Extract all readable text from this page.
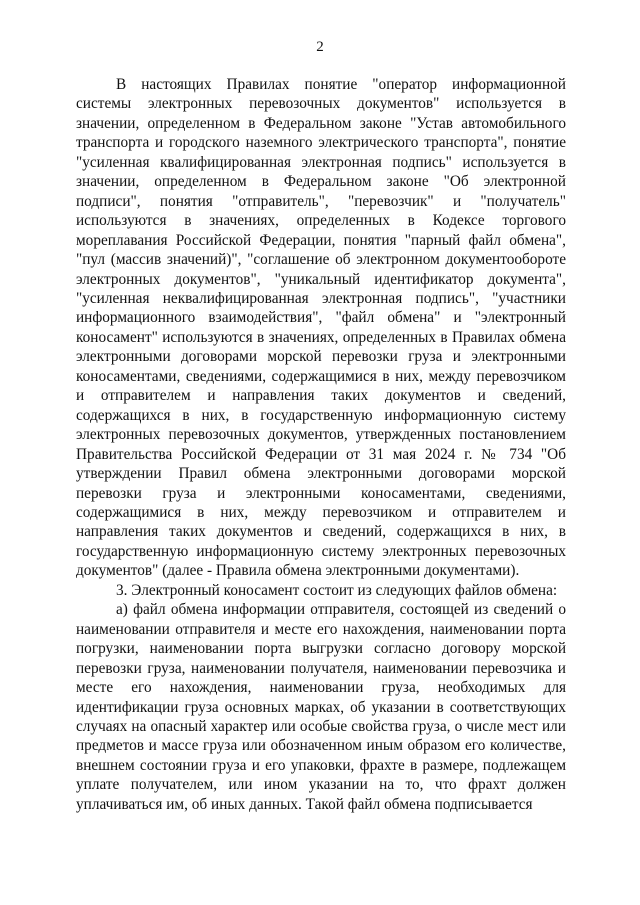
2

В настоящих Правилах понятие "оператор информационной системы электронных перевозочных документов" используется в значении, определенном в Федеральном законе "Устав автомобильного транспорта и городского наземного электрического транспорта", понятие "усиленная квалифицированная электронная подпись" используется в значении, определенном в Федеральном законе "Об электронной подписи", понятия "отправитель", "перевозчик" и "получатель" используются в значениях, определенных в Кодексе торгового мореплавания Российской Федерации, понятия "парный файл обмена", "пул (массив значений)", "соглашение об электронном документообороте электронных документов", "уникальный идентификатор документа", "усиленная неквалифицированная электронная подпись", "участники информационного взаимодействия", "файл обмена" и "электронный коносамент" используются в значениях, определенных в Правилах обмена электронными договорами морской перевозки груза и электронными коносаментами, сведениями, содержащимися в них, между перевозчиком и отправителем и направления таких документов и сведений, содержащихся в них, в государственную информационную систему электронных перевозочных документов, утвержденных постановлением Правительства Российской Федерации от 31 мая 2024 г. № 734 "Об утверждении Правил обмена электронными договорами морской перевозки груза и электронными коносаментами, сведениями, содержащимися в них, между перевозчиком и отправителем и направления таких документов и сведений, содержащихся в них, в государственную информационную систему электронных перевозочных документов" (далее - Правила обмена электронными документами).

3. Электронный коносамент состоит из следующих файлов обмена:

а) файл обмена информации отправителя, состоящей из сведений о наименовании отправителя и месте его нахождения, наименовании порта погрузки, наименовании порта выгрузки согласно договору морской перевозки груза, наименовании получателя, наименовании перевозчика и месте его нахождения, наименовании груза, необходимых для идентификации груза основных марках, об указании в соответствующих случаях на опасный характер или особые свойства груза, о числе мест или предметов и массе груза или обозначенном иным образом его количестве, внешнем состоянии груза и его упаковки, фрахте в размере, подлежащем уплате получателем, или ином указании на то, что фрахт должен уплачиваться им, об иных данных. Такой файл обмена подписывается
